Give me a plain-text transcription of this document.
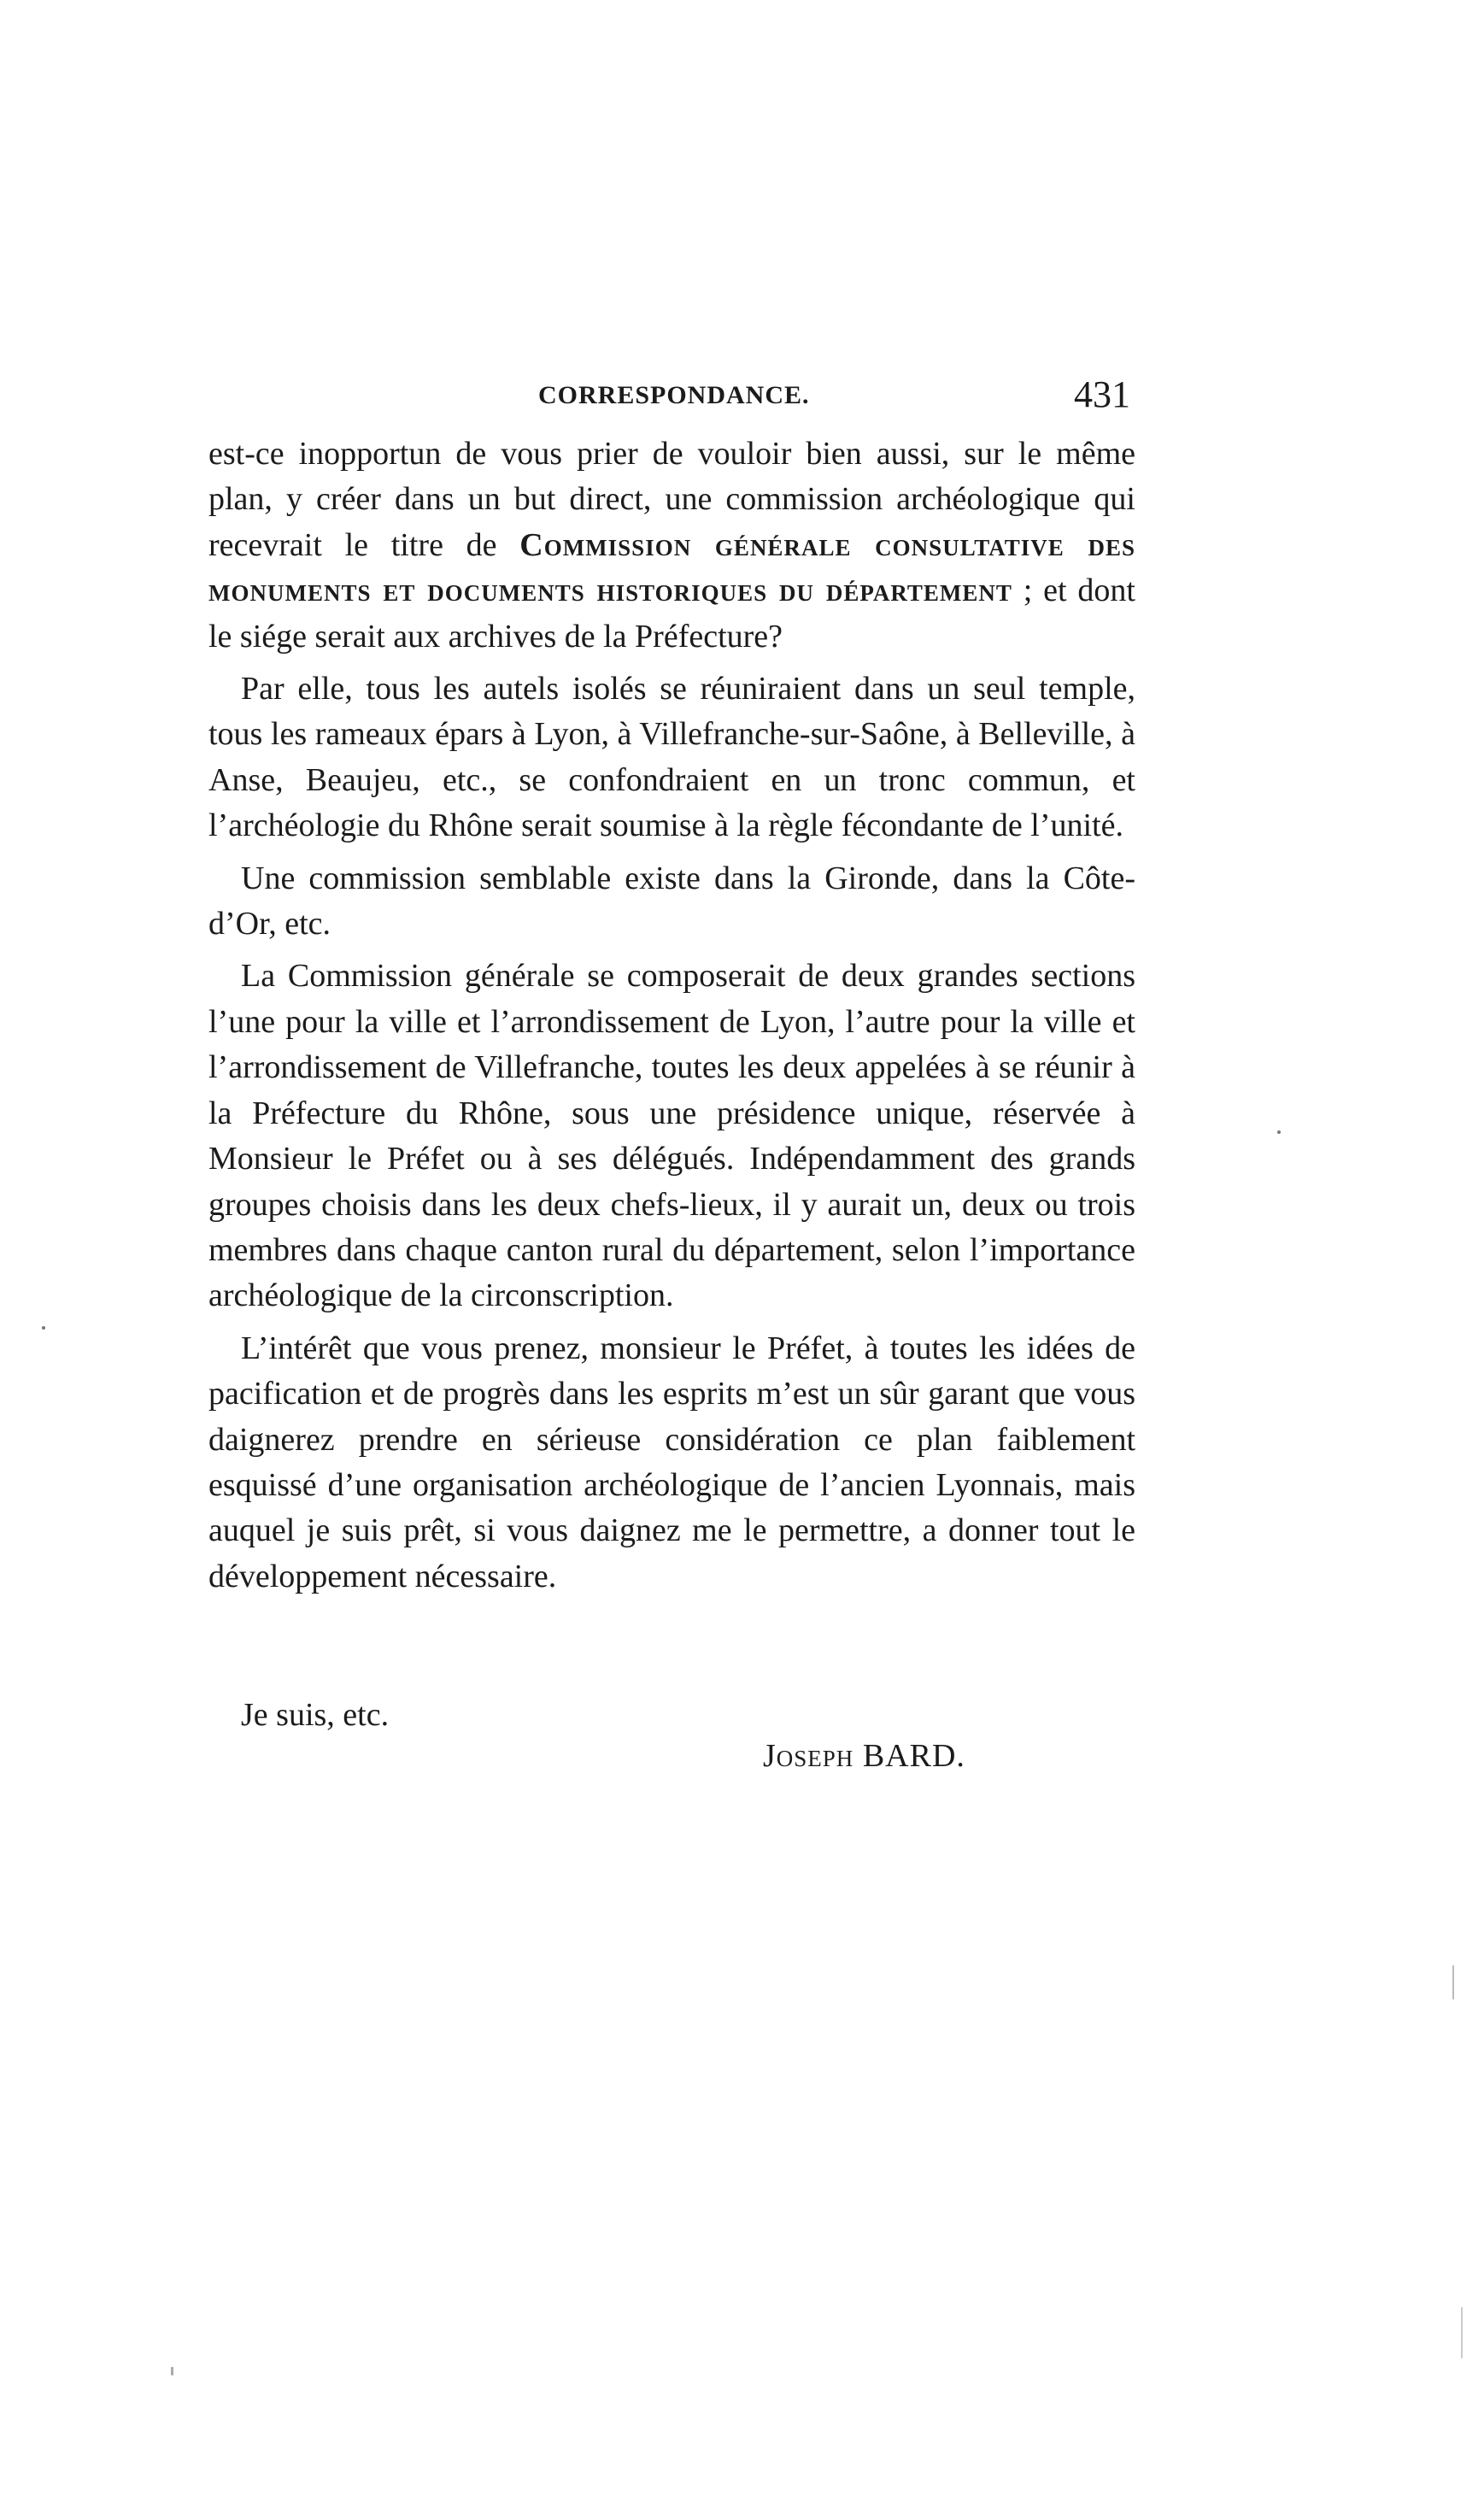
CORRESPONDANCE.	431

est-ce inopportun de vous prier de vouloir bien aussi, sur le même plan, y créer dans un but direct, une commission archéologique qui recevrait le titre de Commission générale consultative des monuments et documents historiques du département ; et dont le siége serait aux archives de la Préfecture?

Par elle, tous les autels isolés se réuniraient dans un seul temple, tous les rameaux épars à Lyon, à Villefranche-sur-Saône, à Belleville, à Anse, Beaujeu, etc., se confondraient en un tronc commun, et l’archéologie du Rhône serait soumise à la règle fécondante de l’unité.

Une commission semblable existe dans la Gironde, dans la Côte-d’Or, etc.

La Commission générale se composerait de deux grandes sections l’une pour la ville et l’arrondissement de Lyon, l’autre pour la ville et l’arrondissement de Villefranche, toutes les deux appelées à se réunir à la Préfecture du Rhône, sous une présidence unique, réservée à Monsieur le Préfet ou à ses délégués. Indépendamment des grands groupes choisis dans les deux chefs-lieux, il y aurait un, deux ou trois membres dans chaque canton rural du département, selon l’importance archéologique de la circonscription.

L’intérêt que vous prenez, monsieur le Préfet, à toutes les idées de pacification et de progrès dans les esprits m’est un sûr garant que vous daignerez prendre en sérieuse considération ce plan faiblement esquissé d’une organisation archéologique de l’ancien Lyonnais, mais auquel je suis prêt, si vous daignez me le permettre, a donner tout le développement nécessaire.

Je suis, etc.
Joseph BARD.
